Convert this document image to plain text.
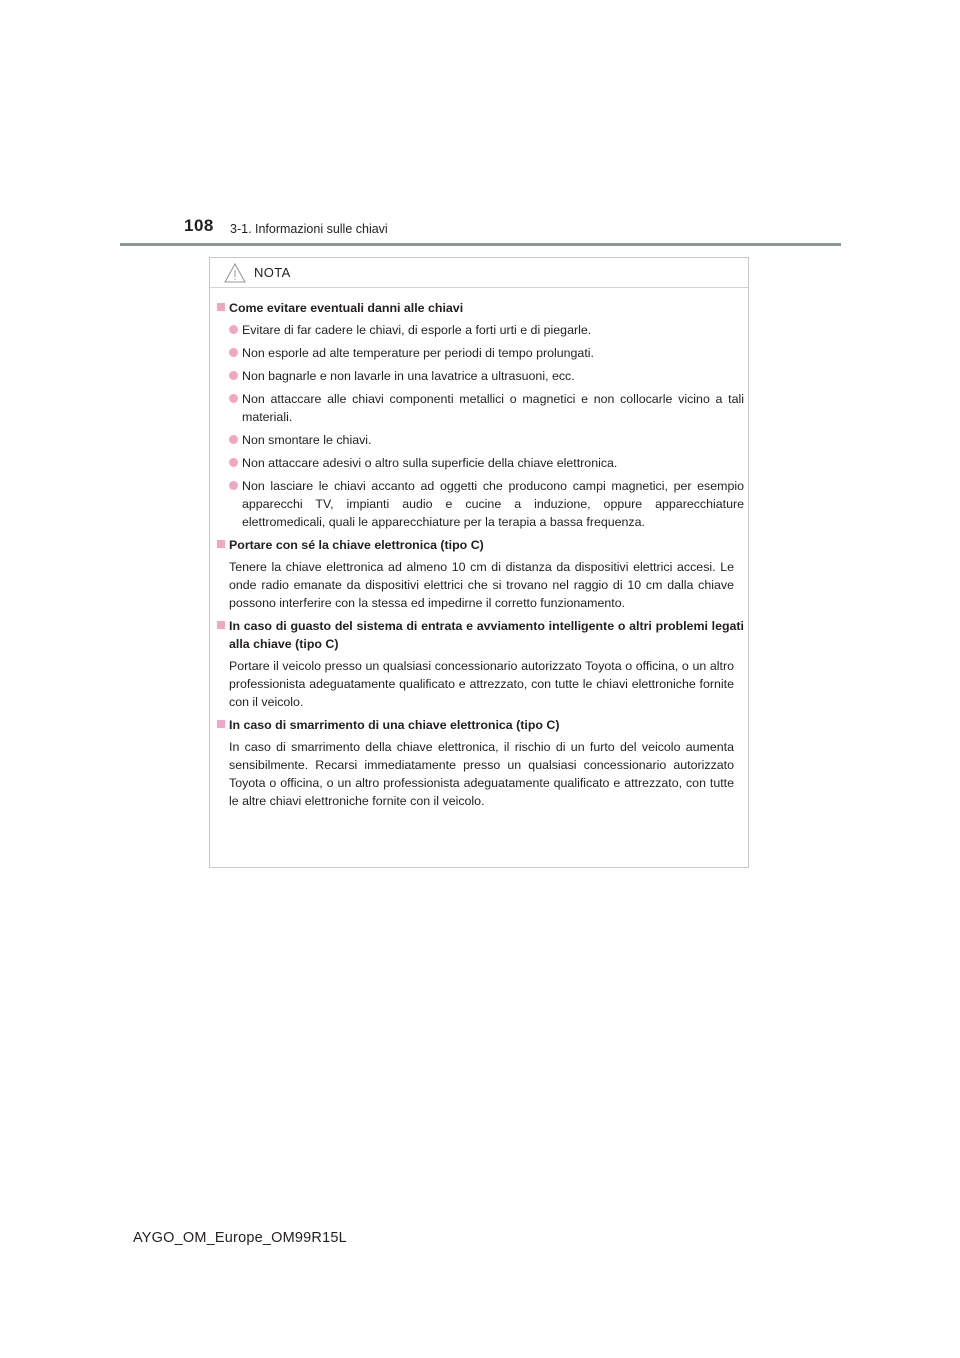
108 3-1. Informazioni sulle chiavi
NOTA
Come evitare eventuali danni alle chiavi
Evitare di far cadere le chiavi, di esporle a forti urti e di piegarle.
Non esporle ad alte temperature per periodi di tempo prolungati.
Non bagnarle e non lavarle in una lavatrice a ultrasuoni, ecc.
Non attaccare alle chiavi componenti metallici o magnetici e non collocarle vicino a tali materiali.
Non smontare le chiavi.
Non attaccare adesivi o altro sulla superficie della chiave elettronica.
Non lasciare le chiavi accanto ad oggetti che producono campi magnetici, per esempio apparecchi TV, impianti audio e cucine a induzione, oppure apparecchiature elettromedicali, quali le apparecchiature per la terapia a bassa frequenza.
Portare con sé la chiave elettronica (tipo C)
Tenere la chiave elettronica ad almeno 10 cm di distanza da dispositivi elettrici accesi. Le onde radio emanate da dispositivi elettrici che si trovano nel raggio di 10 cm dalla chiave possono interferire con la stessa ed impedirne il corretto funzionamento.
In caso di guasto del sistema di entrata e avviamento intelligente o altri problemi legati alla chiave (tipo C)
Portare il veicolo presso un qualsiasi concessionario autorizzato Toyota o officina, o un altro professionista adeguatamente qualificato e attrezzato, con tutte le chiavi elettroniche fornite con il veicolo.
In caso di smarrimento di una chiave elettronica (tipo C)
In caso di smarrimento della chiave elettronica, il rischio di un furto del veicolo aumenta sensibilmente. Recarsi immediatamente presso un qualsiasi concessionario autorizzato Toyota o officina, o un altro professionista adeguatamente qualificato e attrezzato, con tutte le altre chiavi elettroniche fornite con il veicolo.
AYGO_OM_Europe_OM99R15L
